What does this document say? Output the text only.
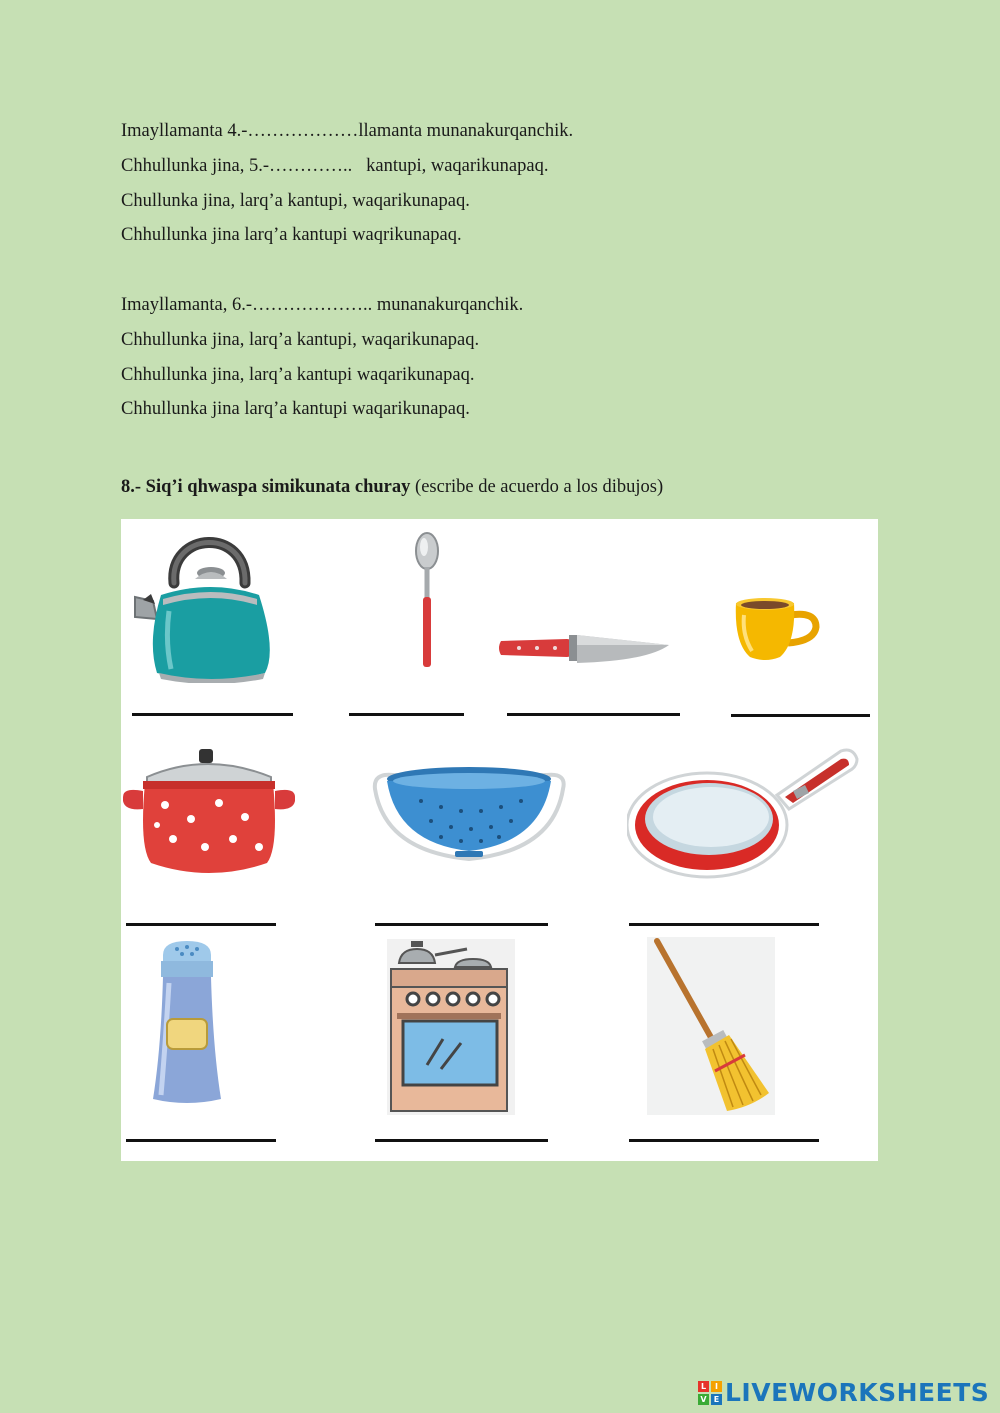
Imayllamanta 4.-………………llamanta munanakurqanchik.

Chhullunka jina, 5.-…………..   kantupi, waqarikunapaq.

Chullunka jina, larq’a kantupi, waqarikunapaq.

Chhullunka jina larq’a kantupi waqrikunapaq.

Imayllamanta, 6.-……………….. munanakurqanchik.

Chhullunka jina, larq’a kantupi, waqarikunapaq.

Chhullunka jina, larq’a kantupi waqarikunapaq.

Chhullunka jina larq’a kantupi waqarikunapaq.

8.- Siq’i qhwaspa simikunata churay (escribe de acuerdo a los dibujos)
L	I
V E LIVEWORKSHEETS
